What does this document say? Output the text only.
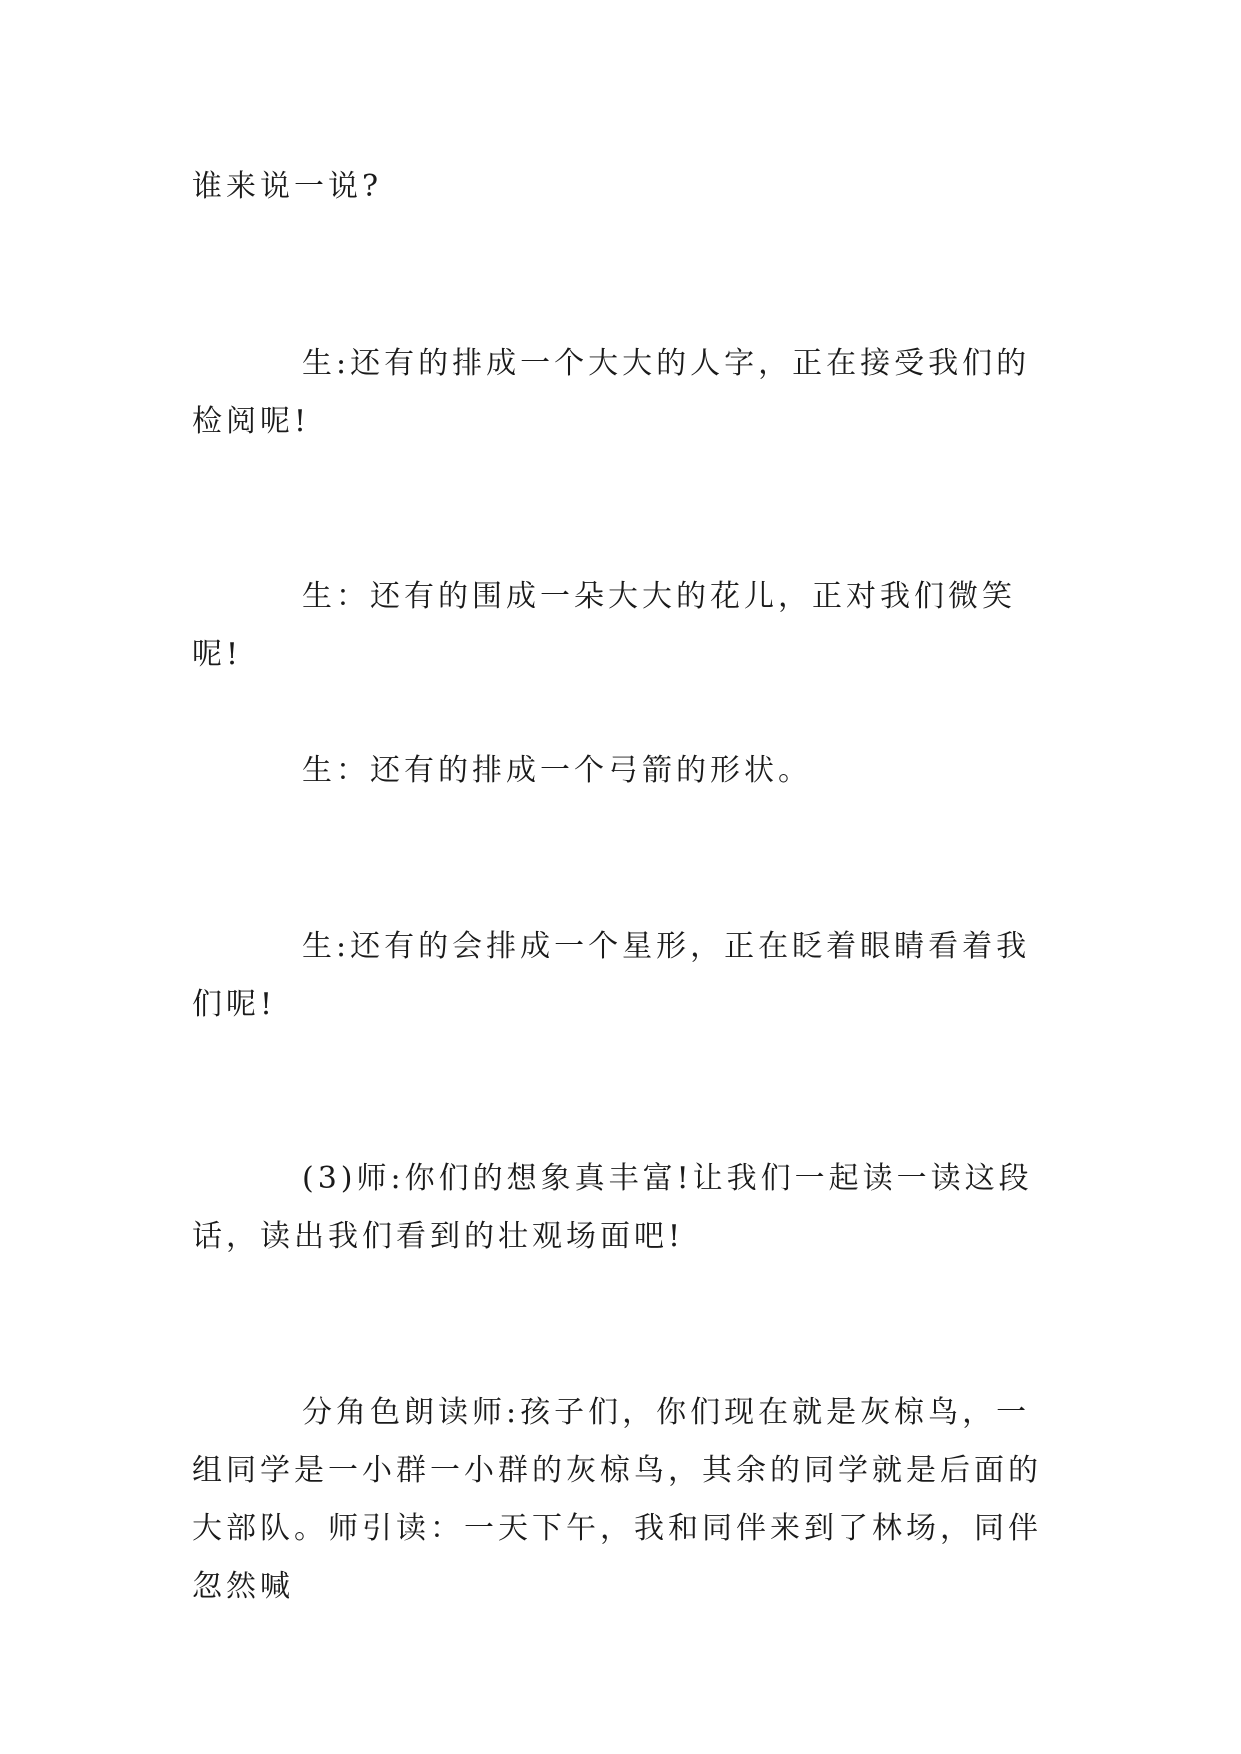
谁来说一说?

生:还有的排成一个大大的人字，正在接受我们的检阅呢!

生：还有的围成一朵大大的花儿，正对我们微笑呢!

生：还有的排成一个弓箭的形状。

生:还有的会排成一个星形，正在眨着眼睛看着我们呢!

(3)师:你们的想象真丰富!让我们一起读一读这段话，读出我们看到的壮观场面吧!

分角色朗读师:孩子们，你们现在就是灰椋鸟，一组同学是一小群一小群的灰椋鸟，其余的同学就是后面的大部队。师引读：一天下午，我和同伴来到了林场，同伴忽然喊
